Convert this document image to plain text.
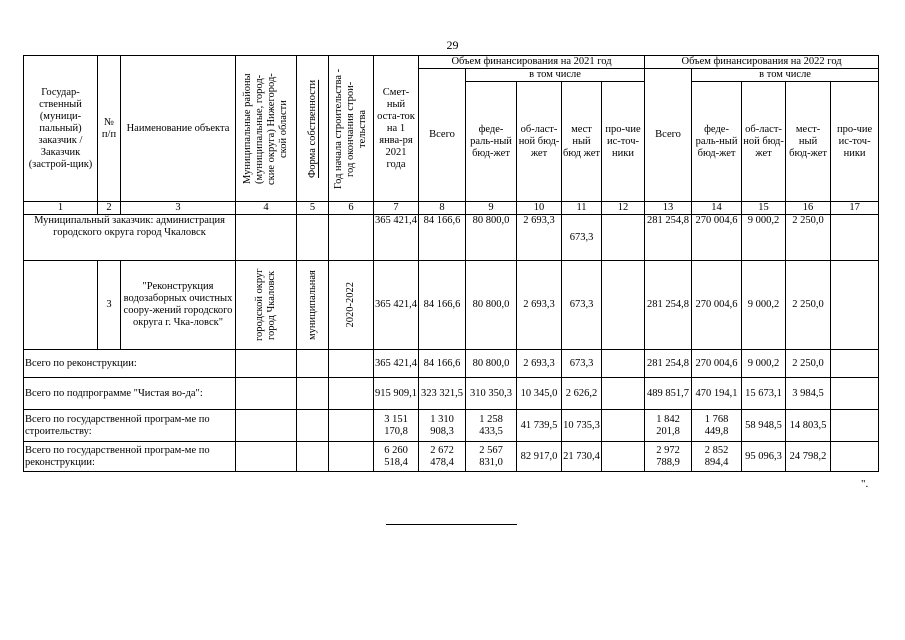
29
Государ-ственный (муници-пальный) заказчик / Заказчик (застрой-щик)	№ п/п	Наименование объекта	Муниципальные районы (муниципальные, город-ские округа) Нижегород-ской области	Форма собственности	Год начала строительства - год окончания строи-тельства	Смет-ный оста-ток на 1 янва-ря 2021 года	Объем финансирования на 2021 год					Объем финансирования на 2022 год				
							Всего	в том числе				Всего	в том числе			
								феде-раль-ный бюд-жет	об-ласт-ной бюд-жет	мест ный бюд жет	про-чие ис-точ-ники		феде-раль-ный бюд-жет	об-ласт-ной бюд-жет	мест-ный бюд-жет	про-чие ис-точ-ники
1	2	3	4	5	6	7	8	9	10	11	12	13	14	15	16	17
Муниципальный заказчик: администрация городского округа город Чкаловск						365 421,4	84 166,6	80 800,0	2 693,3	673,3		281 254,8	270 004,6	9 000,2	2 250,0	
	3	"Реконструкция водозаборных очистных соору-жений городского округа г. Чка-ловск"	городской округ город Чкаловск	муниципальная	2020-2022	365 421,4	84 166,6	80 800,0	2 693,3	673,3		281 254,8	270 004,6	9 000,2	2 250,0	
Всего по реконструкции:						365 421,4	84 166,6	80 800,0	2 693,3	673,3		281 254,8	270 004,6	9 000,2	2 250,0	
Всего по подпрограмме "Чистая во-да":						915 909,1	323 321,5	310 350,3	10 345,0	2 626,2		489 851,7	470 194,1	15 673,1	3 984,5	
Всего по государственной програм-ме по строительству:						3 151 170,8	1 310 908,3	1 258 433,5	41 739,5	10 735,3		1 842 201,8	1 768 449,8	58 948,5	14 803,5	
Всего по государственной програм-ме по реконструкции:						6 260 518,4	2 672 478,4	2 567 831,0	82 917,0	21 730,4		2 972 788,9	2 852 894,4	95 096,3	24 798,2	
".
